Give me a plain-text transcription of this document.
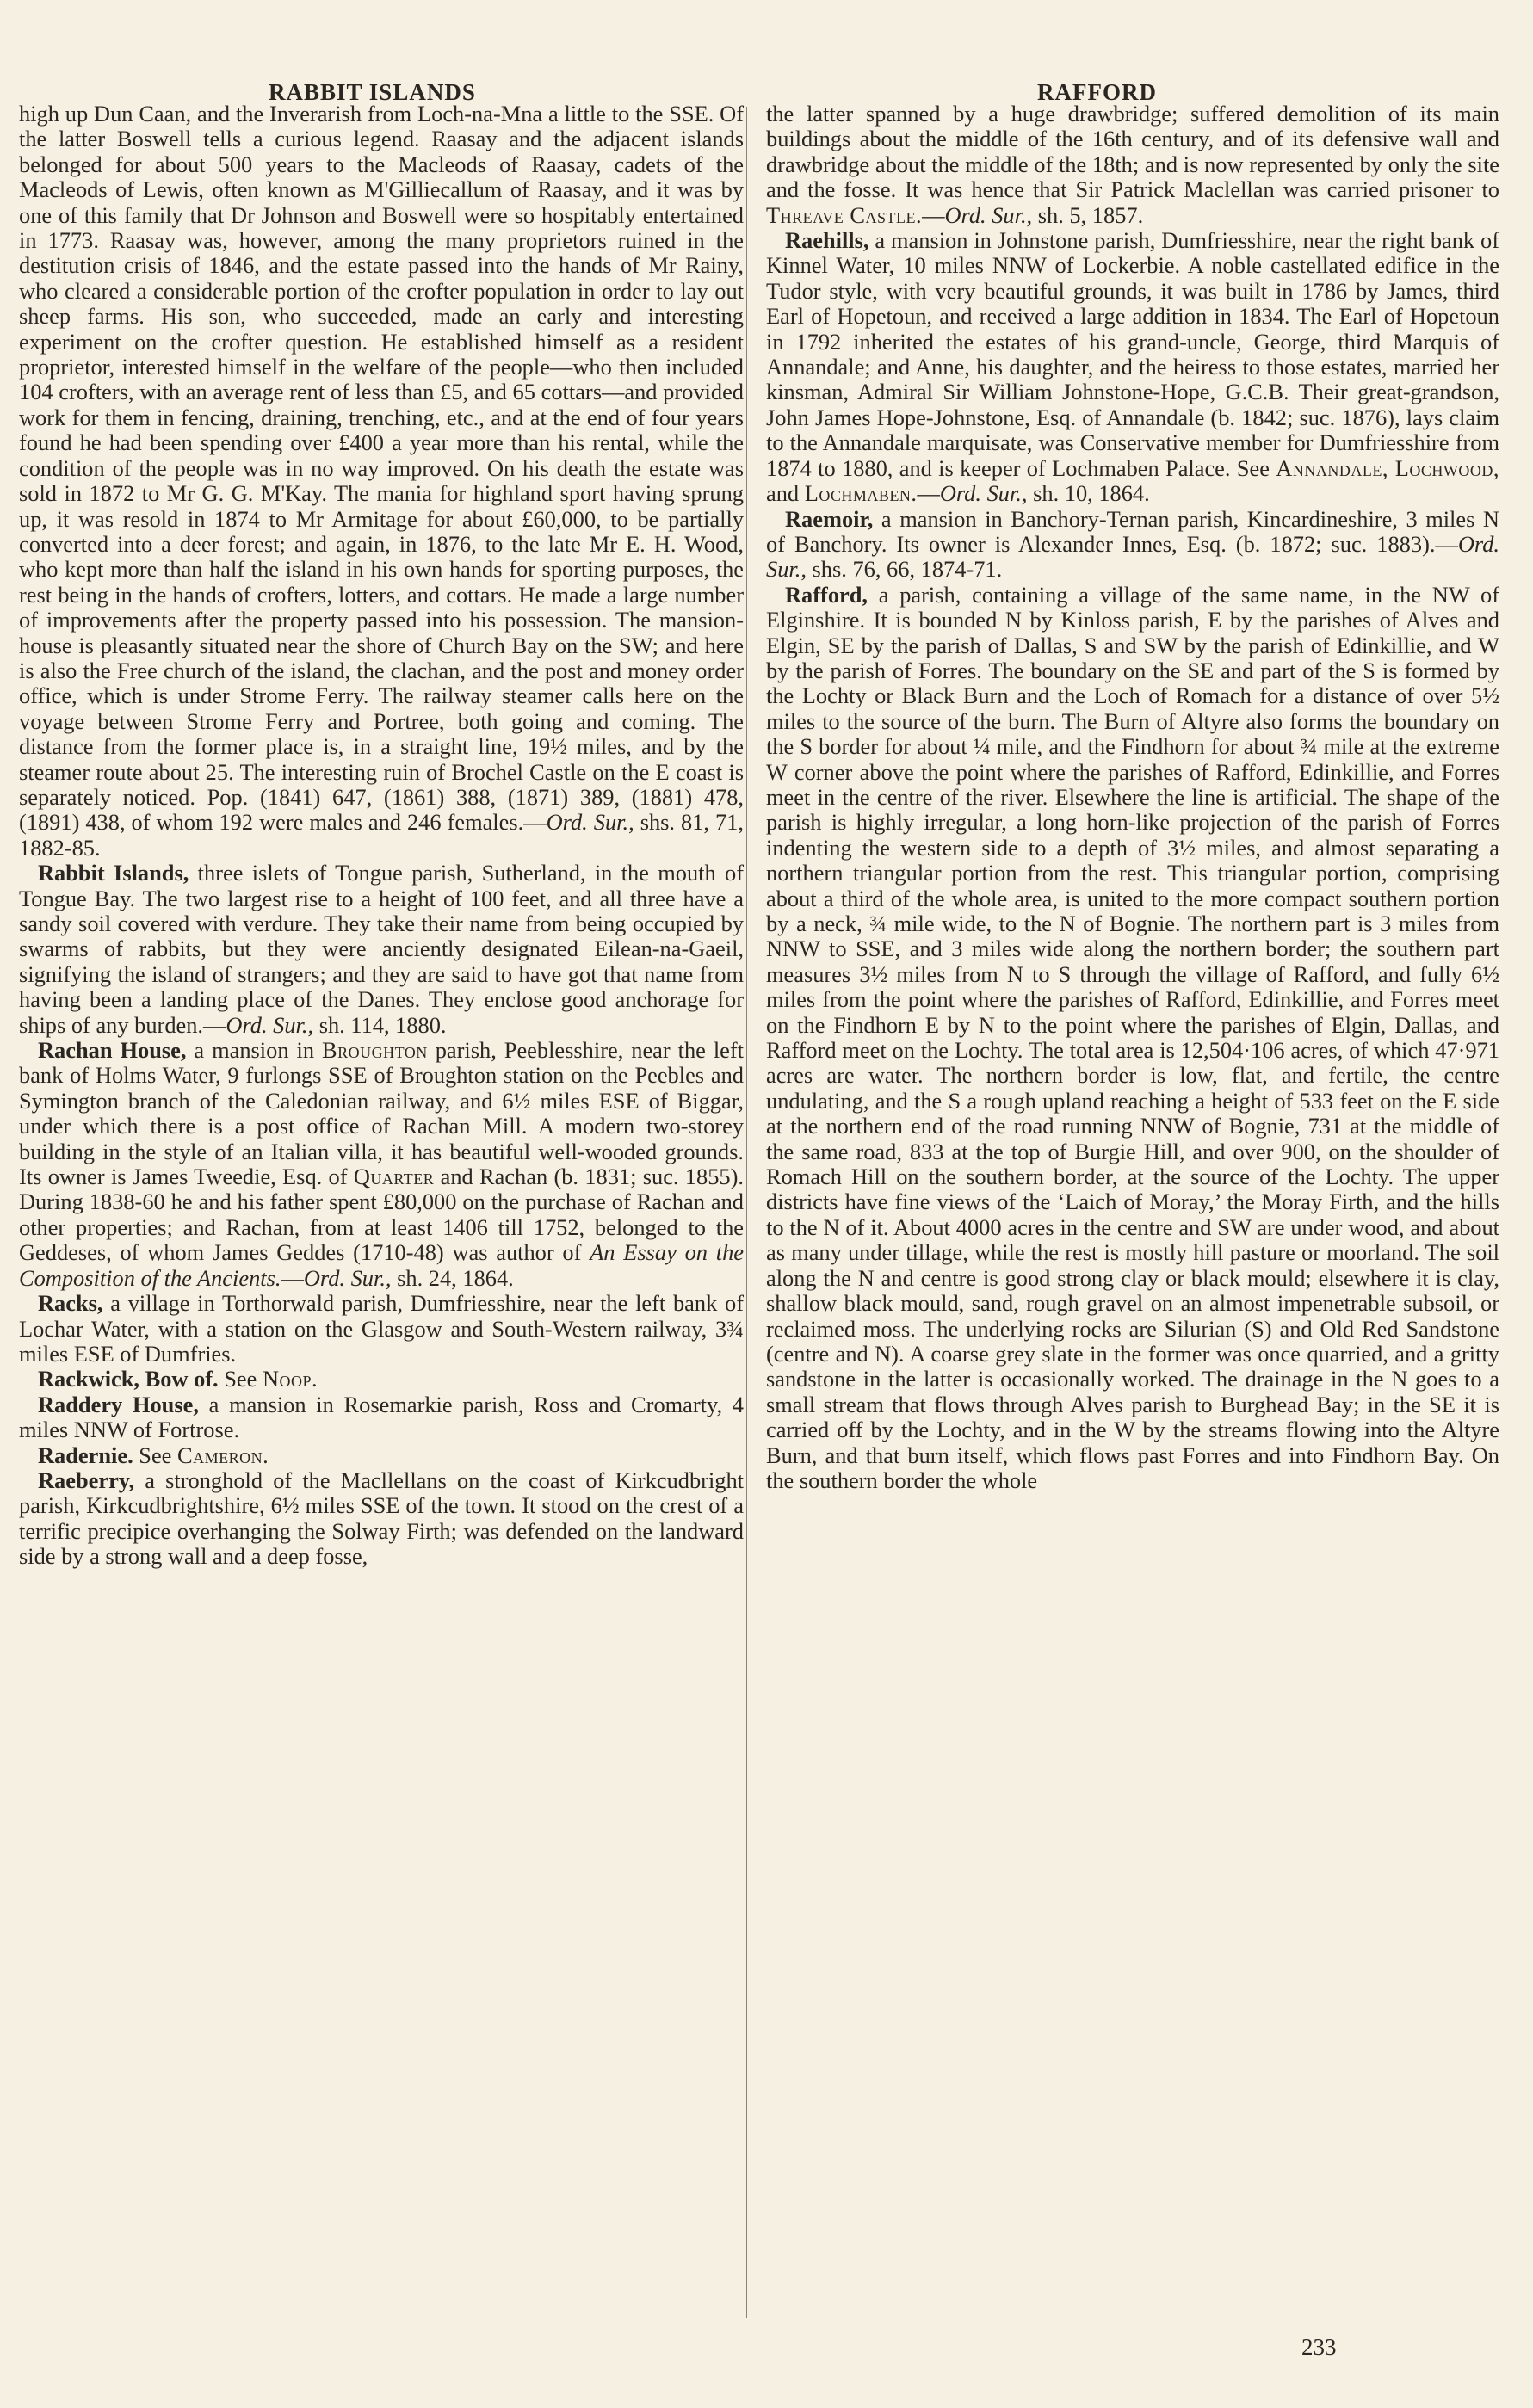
RABBIT ISLANDS	RAFFORD

high up Dun Caan, and the Inverarish from Loch-na-Mna a little to the SSE. Of the latter Boswell tells a curious legend. Raasay and the adjacent islands belonged for about 500 years to the Macleods of Raasay, cadets of the Macleods of Lewis, often known as M'Gilliecallum of Raasay, and it was by one of this family that Dr Johnson and Boswell were so hospitably entertained in 1773. Raasay was, however, among the many proprietors ruined in the destitution crisis of 1846, and the estate passed into the hands of Mr Rainy, who cleared a considerable portion of the crofter population in order to lay out sheep farms. His son, who succeeded, made an early and interesting experiment on the crofter question. He established himself as a resident proprietor, interested himself in the welfare of the people—who then included 104 crofters, with an average rent of less than £5, and 65 cottars—and provided work for them in fencing, draining, trenching, etc., and at the end of four years found he had been spending over £400 a year more than his rental, while the condition of the people was in no way improved. On his death the estate was sold in 1872 to Mr G. G. M'Kay. The mania for highland sport having sprung up, it was resold in 1874 to Mr Armitage for about £60,000, to be partially converted into a deer forest; and again, in 1876, to the late Mr E. H. Wood, who kept more than half the island in his own hands for sporting purposes, the rest being in the hands of crofters, lotters, and cottars. He made a large number of improvements after the property passed into his possession. The mansion-house is pleasantly situated near the shore of Church Bay on the SW; and here is also the Free church of the island, the clachan, and the post and money order office, which is under Strome Ferry. The railway steamer calls here on the voyage between Strome Ferry and Portree, both going and coming. The distance from the former place is, in a straight line, 19½ miles, and by the steamer route about 25. The interesting ruin of Brochel Castle on the E coast is separately noticed. Pop. (1841) 647, (1861) 388, (1871) 389, (1881) 478, (1891) 438, of whom 192 were males and 246 females.—Ord. Sur., shs. 81, 71, 1882-85.

Rabbit Islands, three islets of Tongue parish, Sutherland, in the mouth of Tongue Bay. The two largest rise to a height of 100 feet, and all three have a sandy soil covered with verdure. They take their name from being occupied by swarms of rabbits, but they were anciently designated Eilean-na-Gaeil, signifying the island of strangers; and they are said to have got that name from having been a landing place of the Danes. They enclose good anchorage for ships of any burden.—Ord. Sur., sh. 114, 1880.

Rachan House, a mansion in Broughton parish, Peeblesshire, near the left bank of Holms Water, 9 furlongs SSE of Broughton station on the Peebles and Symington branch of the Caledonian railway, and 6½ miles ESE of Biggar, under which there is a post office of Rachan Mill. A modern two-storey building in the style of an Italian villa, it has beautiful well-wooded grounds. Its owner is James Tweedie, Esq. of Quarter and Rachan (b. 1831; suc. 1855). During 1838-60 he and his father spent £80,000 on the purchase of Rachan and other properties; and Rachan, from at least 1406 till 1752, belonged to the Geddeses, of whom James Geddes (1710-48) was author of An Essay on the Composition of the Ancients.—Ord. Sur., sh. 24, 1864.

Racks, a village in Torthorwald parish, Dumfriesshire, near the left bank of Lochar Water, with a station on the Glasgow and South-Western railway, 3¾ miles ESE of Dumfries.

Rackwick, Bow of. See Noop.

Raddery House, a mansion in Rosemarkie parish, Ross and Cromarty, 4 miles NNW of Fortrose.

Radernie. See Cameron.

Raeberry, a stronghold of the Macllellans on the coast of Kirkcudbright parish, Kirkcudbrightshire, 6½ miles SSE of the town. It stood on the crest of a terrific precipice overhanging the Solway Firth; was defended on the landward side by a strong wall and a deep fosse,

the latter spanned by a huge drawbridge; suffered demolition of its main buildings about the middle of the 16th century, and of its defensive wall and drawbridge about the middle of the 18th; and is now represented by only the site and the fosse. It was hence that Sir Patrick Maclellan was carried prisoner to Threave Castle.—Ord. Sur., sh. 5, 1857.

Raehills, a mansion in Johnstone parish, Dumfriesshire, near the right bank of Kinnel Water, 10 miles NNW of Lockerbie. A noble castellated edifice in the Tudor style, with very beautiful grounds, it was built in 1786 by James, third Earl of Hopetoun, and received a large addition in 1834. The Earl of Hopetoun in 1792 inherited the estates of his grand-uncle, George, third Marquis of Annandale; and Anne, his daughter, and the heiress to those estates, married her kinsman, Admiral Sir William Johnstone-Hope, G.C.B. Their great-grandson, John James Hope-Johnstone, Esq. of Annandale (b. 1842; suc. 1876), lays claim to the Annandale marquisate, was Conservative member for Dumfriesshire from 1874 to 1880, and is keeper of Lochmaben Palace. See Annandale, Lochwood, and Lochmaben.—Ord. Sur., sh. 10, 1864.

Raemoir, a mansion in Banchory-Ternan parish, Kincardineshire, 3 miles N of Banchory. Its owner is Alexander Innes, Esq. (b. 1872; suc. 1883).—Ord. Sur., shs. 76, 66, 1874-71.

Rafford, a parish, containing a village of the same name, in the NW of Elginshire. It is bounded N by Kinloss parish, E by the parishes of Alves and Elgin, SE by the parish of Dallas, S and SW by the parish of Edinkillie, and W by the parish of Forres. The boundary on the SE and part of the S is formed by the Lochty or Black Burn and the Loch of Romach for a distance of over 5½ miles to the source of the burn. The Burn of Altyre also forms the boundary on the S border for about ¼ mile, and the Findhorn for about ¾ mile at the extreme W corner above the point where the parishes of Rafford, Edinkillie, and Forres meet in the centre of the river. Elsewhere the line is artificial. The shape of the parish is highly irregular, a long horn-like projection of the parish of Forres indenting the western side to a depth of 3½ miles, and almost separating a northern triangular portion from the rest. This triangular portion, comprising about a third of the whole area, is united to the more compact southern portion by a neck, ¾ mile wide, to the N of Bognie. The northern part is 3 miles from NNW to SSE, and 3 miles wide along the northern border; the southern part measures 3½ miles from N to S through the village of Rafford, and fully 6½ miles from the point where the parishes of Rafford, Edinkillie, and Forres meet on the Findhorn E by N to the point where the parishes of Elgin, Dallas, and Rafford meet on the Lochty. The total area is 12,504·106 acres, of which 47·971 acres are water. The northern border is low, flat, and fertile, the centre undulating, and the S a rough upland reaching a height of 533 feet on the E side at the northern end of the road running NNW of Bognie, 731 at the middle of the same road, 833 at the top of Burgie Hill, and over 900, on the shoulder of Romach Hill on the southern border, at the source of the Lochty. The upper districts have fine views of the ‘Laich of Moray,’ the Moray Firth, and the hills to the N of it. About 4000 acres in the centre and SW are under wood, and about as many under tillage, while the rest is mostly hill pasture or moorland. The soil along the N and centre is good strong clay or black mould; elsewhere it is clay, shallow black mould, sand, rough gravel on an almost impenetrable subsoil, or reclaimed moss. The underlying rocks are Silurian (S) and Old Red Sandstone (centre and N). A coarse grey slate in the former was once quarried, and a gritty sandstone in the latter is occasionally worked. The drainage in the N goes to a small stream that flows through Alves parish to Burghead Bay; in the SE it is carried off by the Lochty, and in the W by the streams flowing into the Altyre Burn, and that burn itself, which flows past Forres and into Findhorn Bay. On the southern border the whole

233
